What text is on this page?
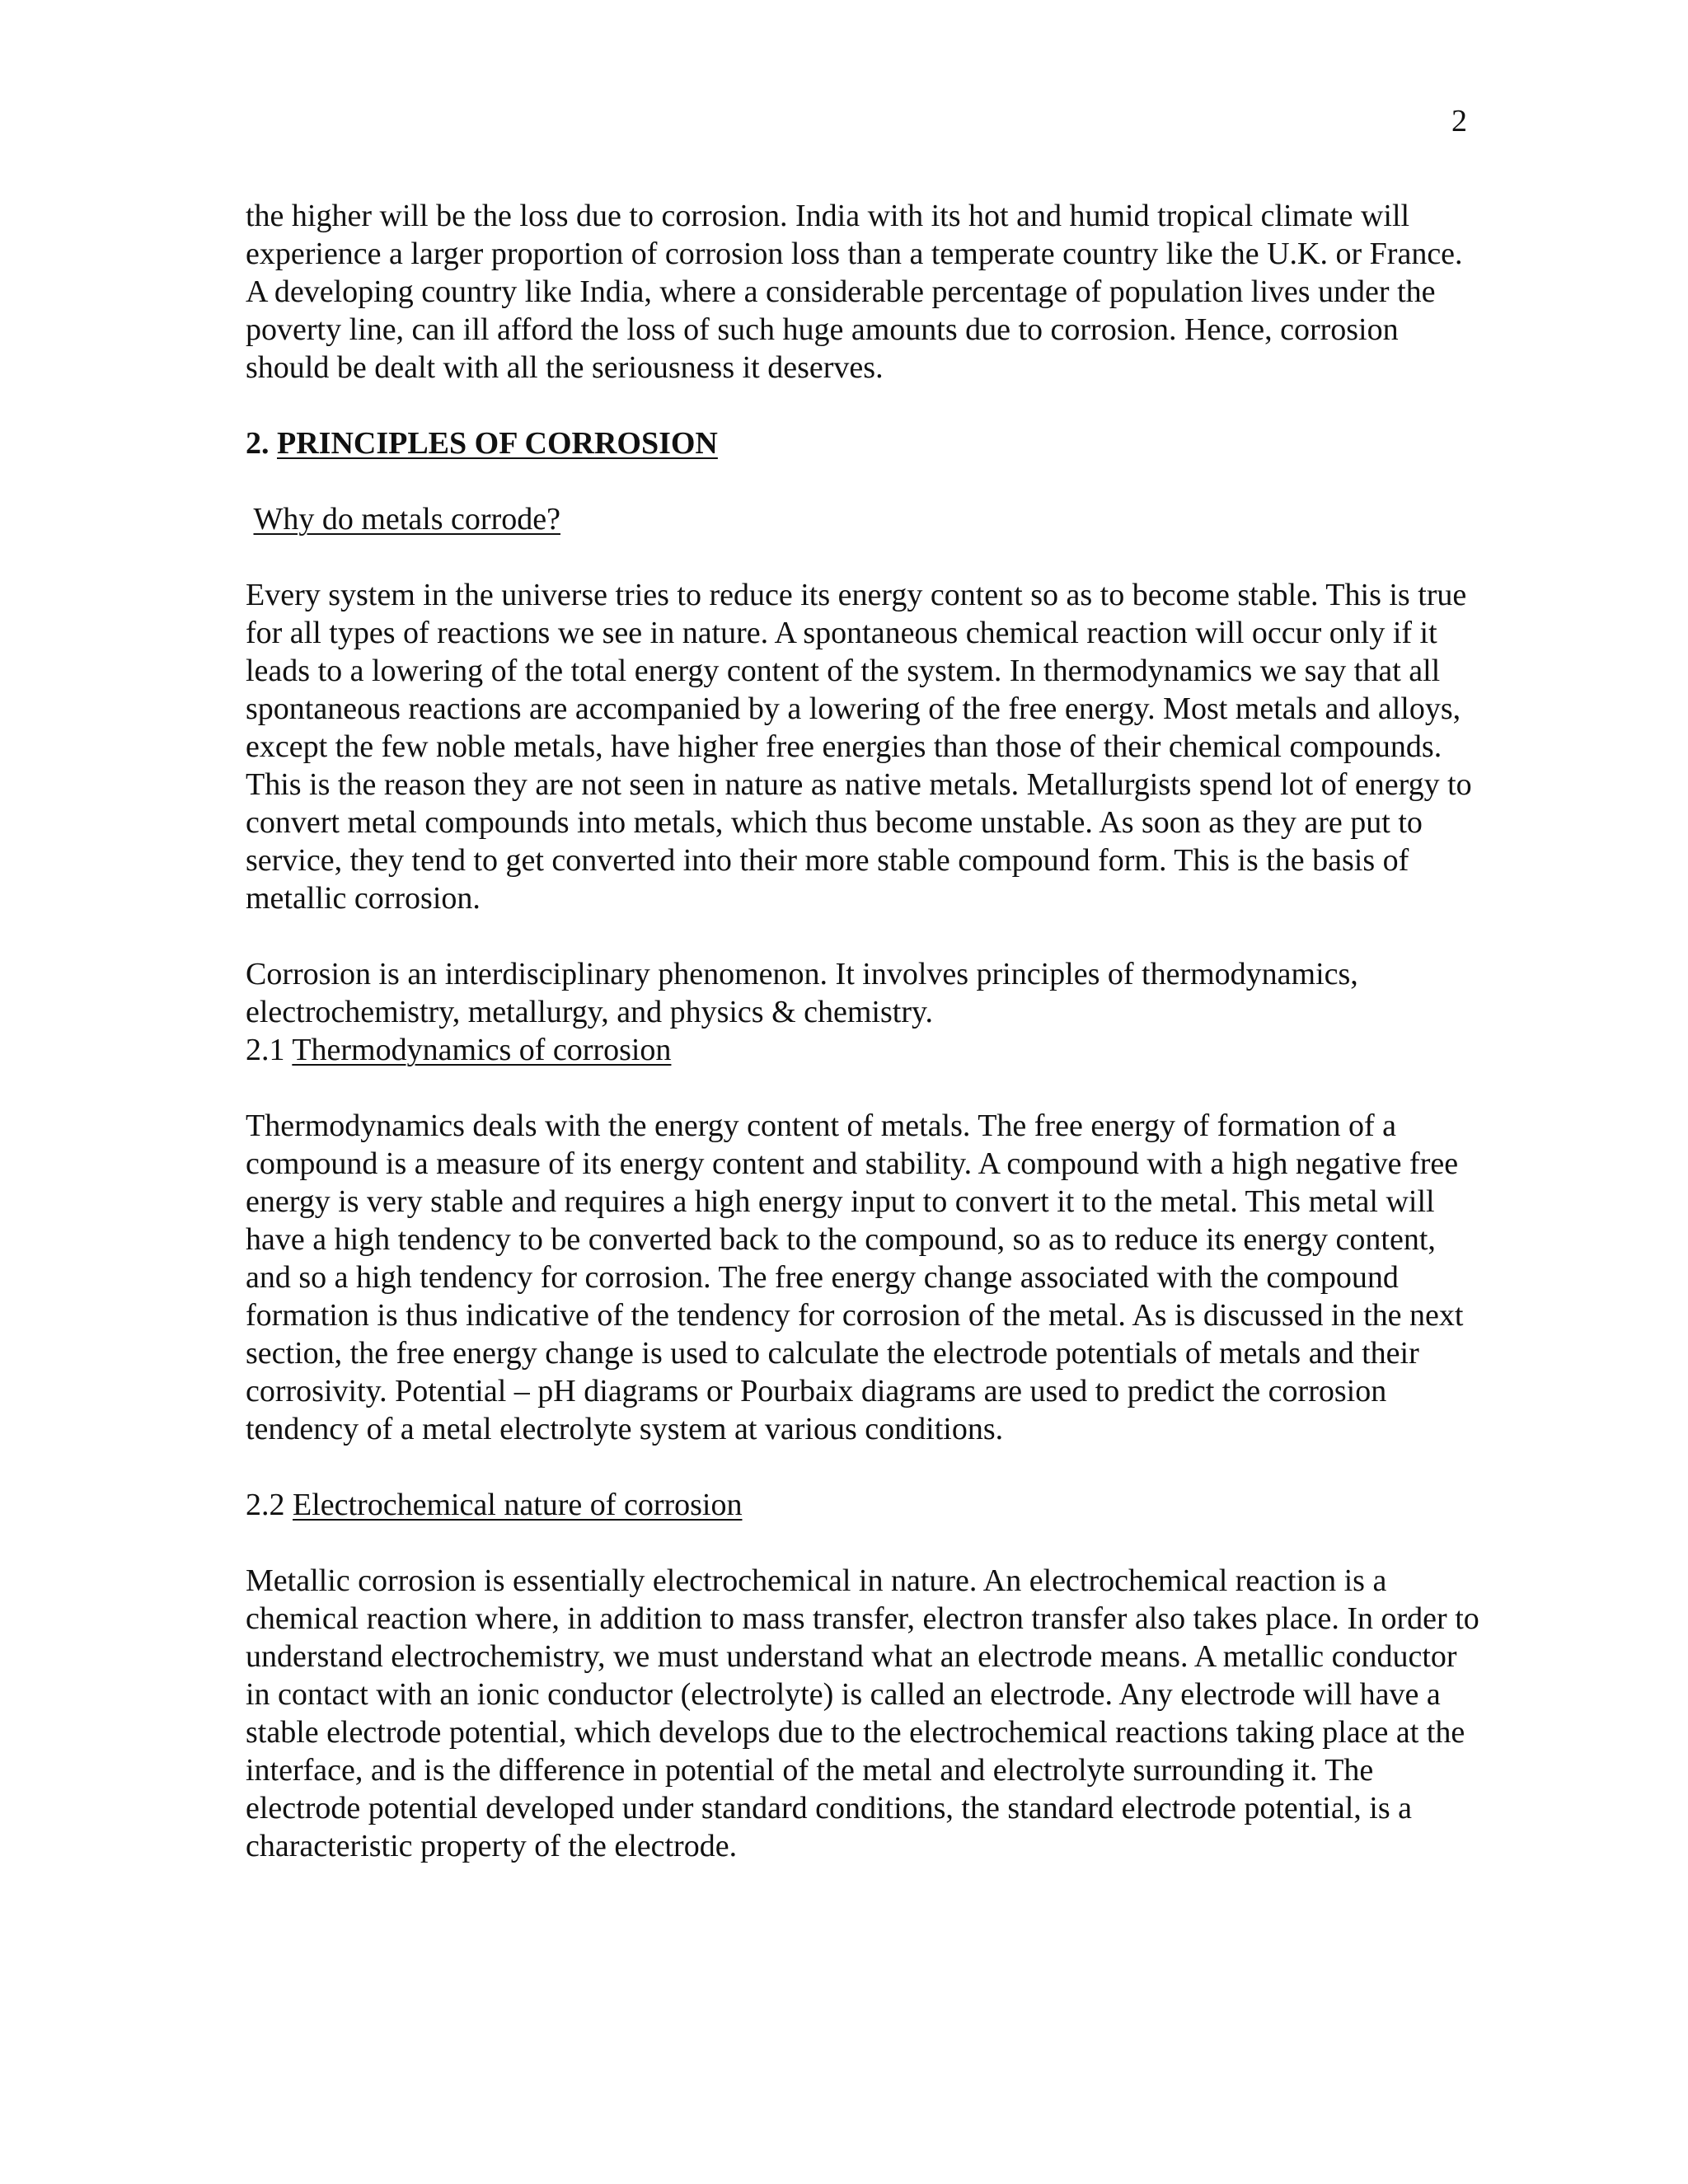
2

the higher will be the loss due to corrosion. India with its hot and humid tropical climate will experience a larger proportion of corrosion loss than a temperate country like the U.K. or France. A developing country like India, where a considerable percentage of population lives under the poverty line, can ill afford the loss of such huge amounts due to corrosion. Hence, corrosion should be dealt with all the seriousness it deserves.

2. PRINCIPLES OF CORROSION

Why do metals corrode?

Every system in the universe tries to reduce its energy content so as to become stable. This is true for all types of reactions we see in nature. A spontaneous chemical reaction will occur only if it leads to a lowering of the total energy content of the system. In thermodynamics we say that all spontaneous reactions are accompanied by a lowering of the free energy. Most metals and alloys, except the few noble metals, have higher free energies than those of their chemical compounds. This is the reason they are not seen in nature as native metals. Metallurgists spend lot of energy to convert metal compounds into metals, which thus become unstable. As soon as they are put to service, they tend to get converted into their more stable compound form. This is the basis of metallic corrosion.

Corrosion is an interdisciplinary phenomenon. It involves principles of thermodynamics, electrochemistry, metallurgy, and physics & chemistry.

2.1 Thermodynamics of corrosion

Thermodynamics deals with the energy content of metals. The free energy of formation of a compound is a measure of its energy content and stability. A compound with a high negative free energy is very stable and requires a high energy input to convert it to the metal. This metal will have a high tendency to be converted back to the compound, so as to reduce its energy content, and so a high tendency for corrosion. The free energy change associated with the compound formation is thus indicative of the tendency for corrosion of the metal. As is discussed in the next section, the free energy change is used to calculate the electrode potentials of metals and their corrosivity. Potential – pH diagrams or Pourbaix diagrams are used to predict the corrosion tendency of a metal electrolyte system at various conditions.

2.2 Electrochemical nature of corrosion

Metallic corrosion is essentially electrochemical in nature. An electrochemical reaction is a chemical reaction where, in addition to mass transfer, electron transfer also takes place. In order to understand electrochemistry, we must understand what an electrode means. A metallic conductor in contact with an ionic conductor (electrolyte) is called an electrode. Any electrode will have a stable electrode potential, which develops due to the electrochemical reactions taking place at the interface, and is the difference in potential of the metal and electrolyte surrounding it. The electrode potential developed under standard conditions, the standard electrode potential, is a characteristic property of the electrode.
